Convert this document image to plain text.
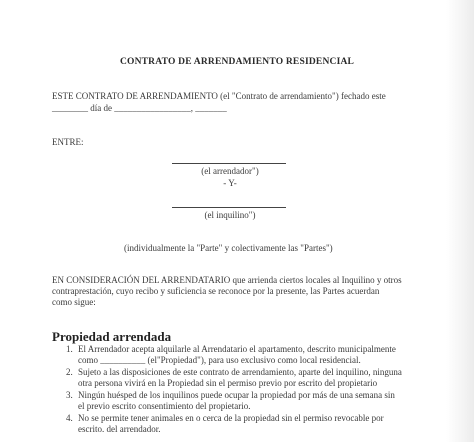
CONTRATO DE ARRENDAMIENTO RESIDENCIAL
ESTE CONTRATO DE ARRENDAMIENTO (el "Contrato de arrendamiento") fechado este
________ día de _________________, _______
ENTRE:
(el arrendador")
- Y-
(el inquilino")
(individualmente la "Parte" y colectivamente las "Partes")
EN CONSIDERACIÓN DEL ARRENDATARIO que arrienda ciertos locales al Inquilino y otros
contraprestación, cuyo recibo y suficiencia se reconoce por la presente, las Partes acuerdan
como sigue:
Propiedad arrendada
1. El Arrendador acepta alquilarle al Arrendatario el apartamento, descrito municipalmente
como __________ (el"Propiedad"), para uso exclusivo como local residencial.
2. Sujeto a las disposiciones de este contrato de arrendamiento, aparte del inquilino, ninguna
otra persona vivirá en la Propiedad sin el permiso previo por escrito del propietario
3. Ningún huésped de los inquilinos puede ocupar la propiedad por más de una semana sin
el previo escrito consentimiento del propietario.
4. No se permite tener animales en o cerca de la propiedad sin el permiso revocable por
escrito. del arrendador.
